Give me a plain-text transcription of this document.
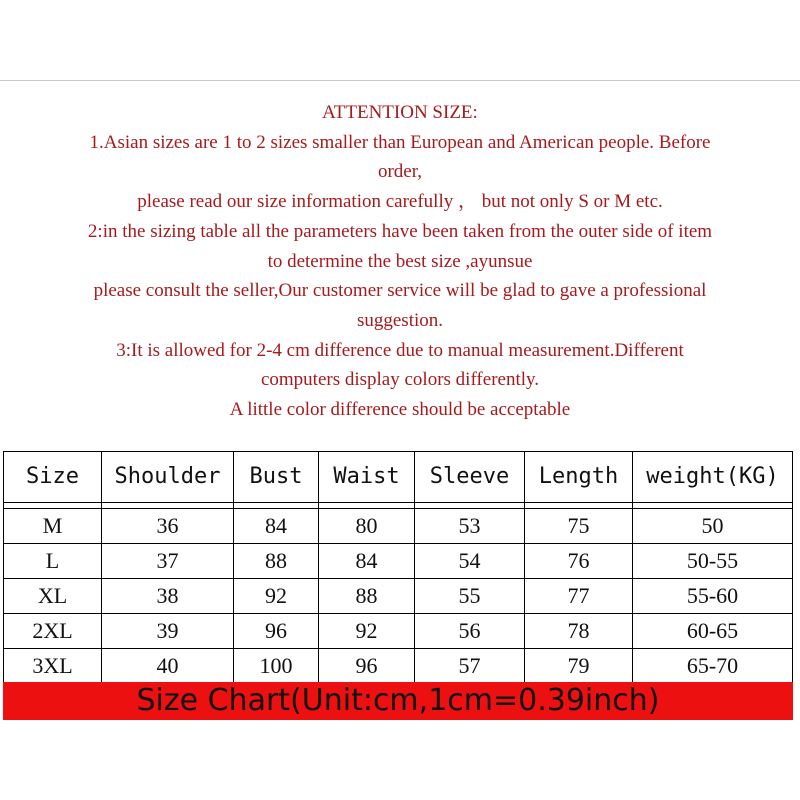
ATTENTION SIZE:
1.Asian sizes are 1 to 2 sizes smaller than European and American people. Before
order,
please read our size information carefully ， but not only S or M etc.
2:in the sizing table all the parameters have been taken from the outer side of item
to determine the best size ,ayunsue
please consult the seller,Our customer service will be glad to gave a professional
suggestion.
3:It is allowed for 2-4 cm difference due to manual measurement.Different
computers display colors differently.
A little color difference should be acceptable
Size	Shoulder	Bust	Waist	Sleeve	Length	weight(KG)

M	36	84	80	53	75	50
L	37	88	84	54	76	50-55
XL	38	92	88	55	77	55-60
2XL	39	96	92	56	78	60-65
3XL	40	100	96	57	79	65-70
Size Chart(Unit:cm,1cm=0.39inch)
